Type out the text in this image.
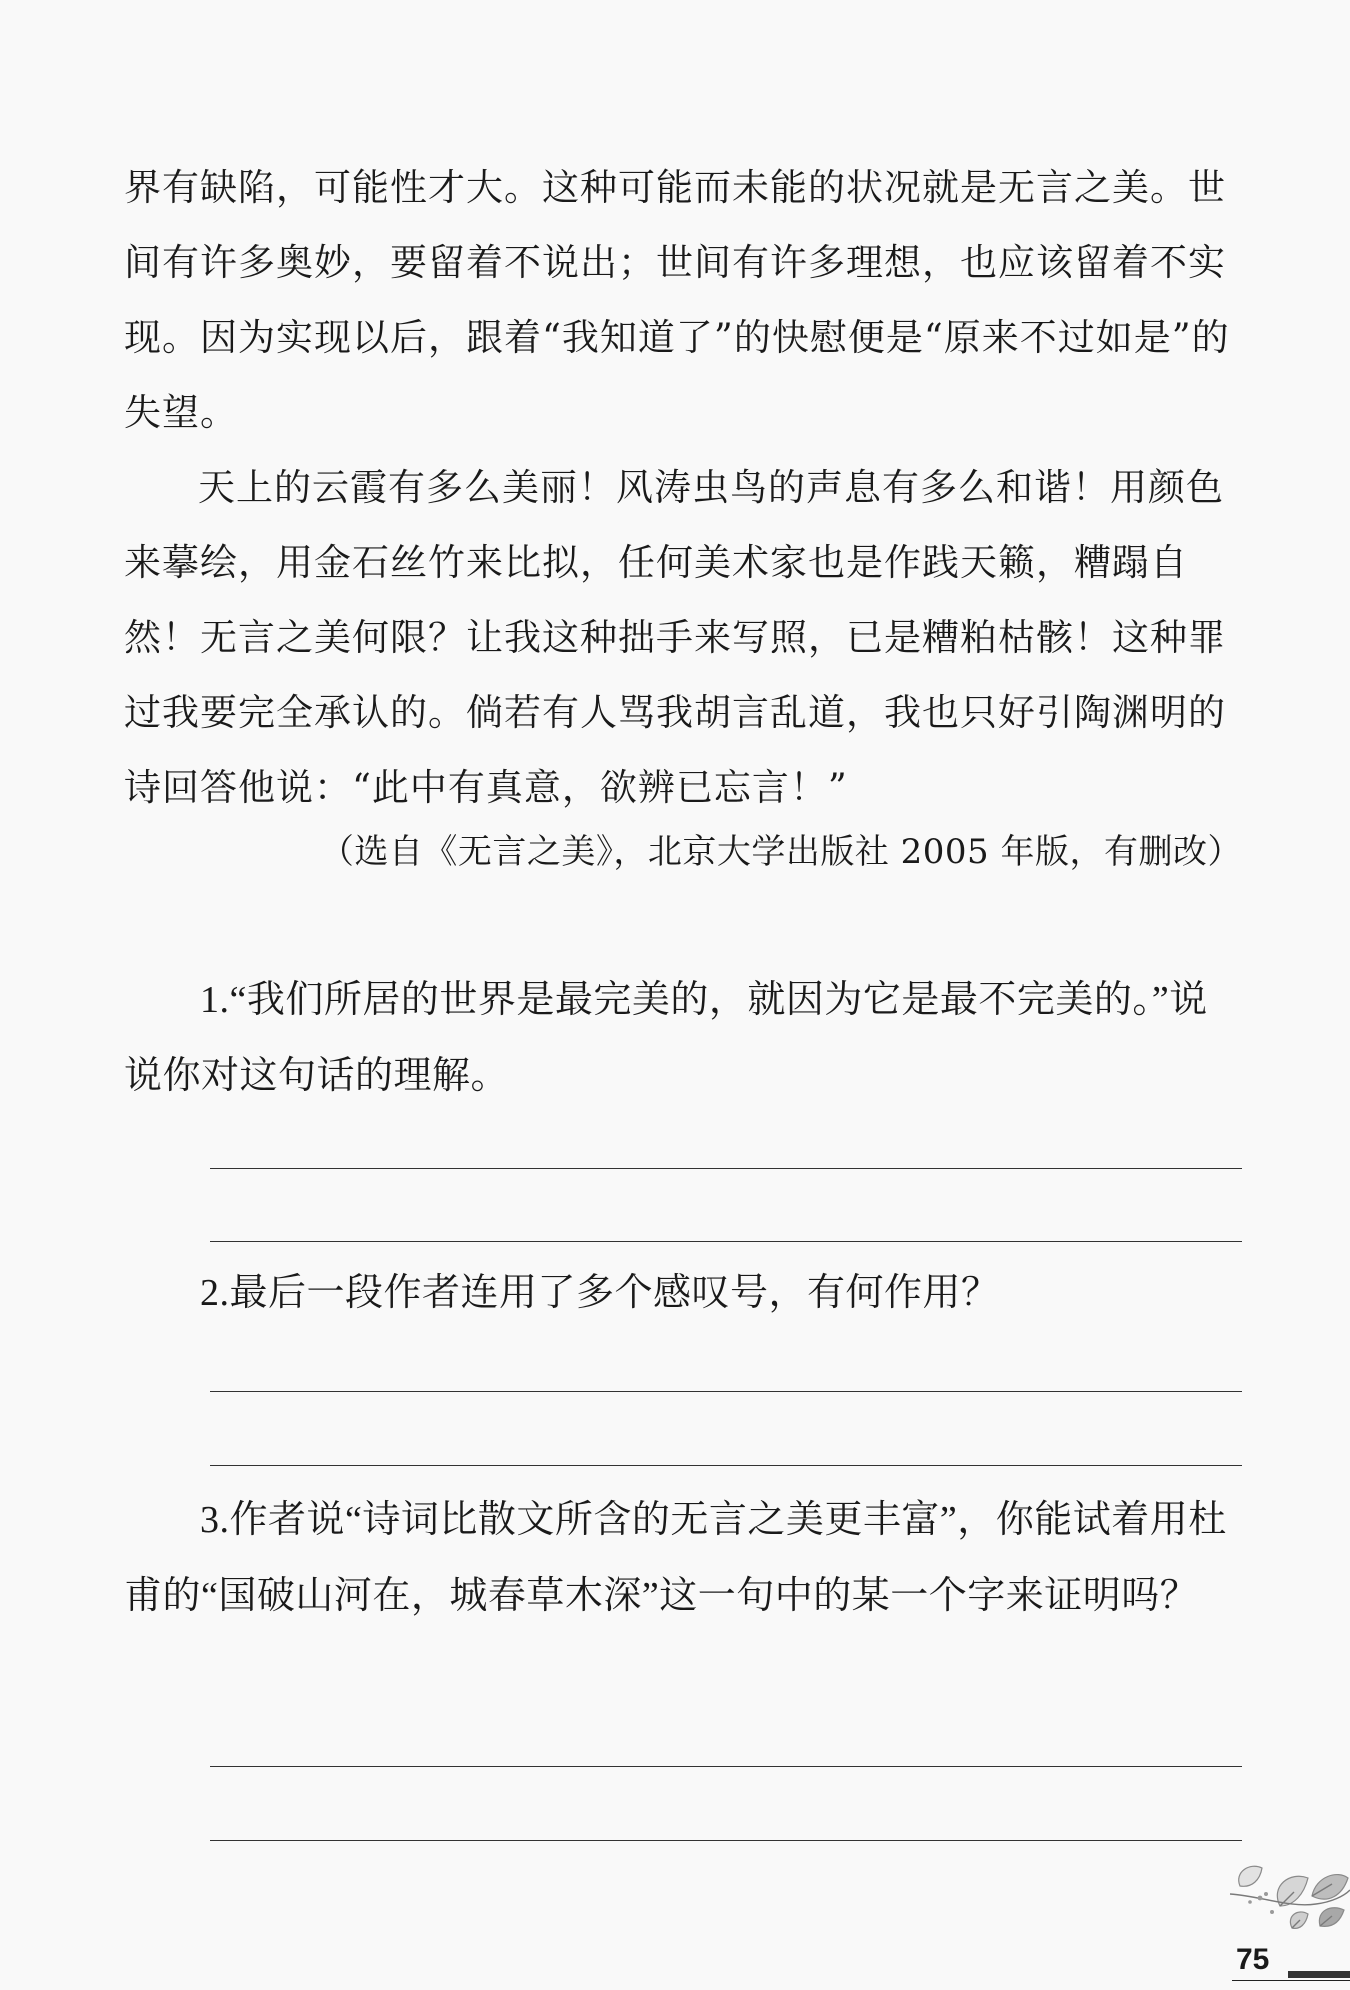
界有缺陷，可能性才大。这种可能而未能的状况就是无言之美。世间有许多奥妙，要留着不说出；世间有许多理想，也应该留着不实现。因为实现以后，跟着“我知道了”的快慰便是“原来不过如是”的失望。

天上的云霞有多么美丽！风涛虫鸟的声息有多么和谐！用颜色来摹绘，用金石丝竹来比拟，任何美术家也是作践天籁，糟蹋自然！无言之美何限？让我这种拙手来写照，已是糟粕枯骸！这种罪过我要完全承认的。倘若有人骂我胡言乱道，我也只好引陶渊明的诗回答他说：“此中有真意，欲辨已忘言！”

（选自《无言之美》，北京大学出版社 2005 年版，有删改）
1.“我们所居的世界是最完美的，就因为它是最不完美的。”说说你对这句话的理解。
2.最后一段作者连用了多个感叹号，有何作用？
3.作者说“诗词比散文所含的无言之美更丰富”，你能试着用杜甫的“国破山河在，城春草木深”这一句中的某一个字来证明吗？
75
